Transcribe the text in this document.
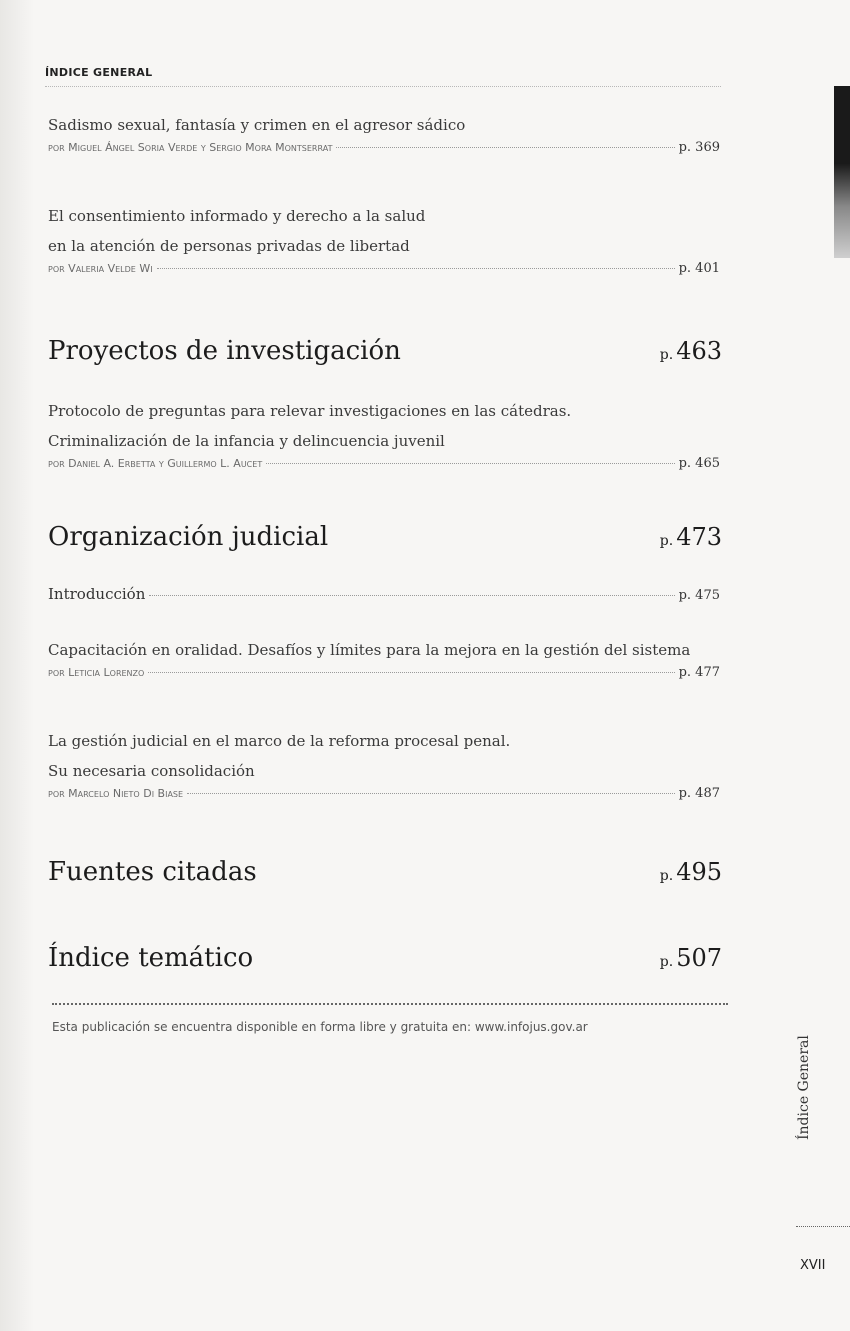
ÍNDICE GENERAL
Sadismo sexual, fantasía y crimen en el agresor sádico
por Miguel Ángel Soria Verde y Sergio Mora Montserrat	p. 369
El consentimiento informado y derecho a la salud
en la atención de personas privadas de libertad
por Valeria Velde Wi	p. 401
Proyectos de investigación	p. 463
Protocolo de preguntas para relevar investigaciones en las cátedras.
Criminalización de la infancia y delincuencia juvenil
por Daniel A. Erbetta y Guillermo L. Aucet	p. 465
Organización judicial	p. 473
Introducción	p. 475
Capacitación en oralidad. Desafíos y límites para la mejora en la gestión del sistema
por Leticia Lorenzo	p. 477
La gestión judicial en el marco de la reforma procesal penal.
Su necesaria consolidación
por Marcelo Nieto Di Biase	p. 487
Fuentes citadas	p. 495
Índice temático	p. 507
Esta publicación se encuentra disponible en forma libre y gratuita en: www.infojus.gov.ar
Índice General
XVII
